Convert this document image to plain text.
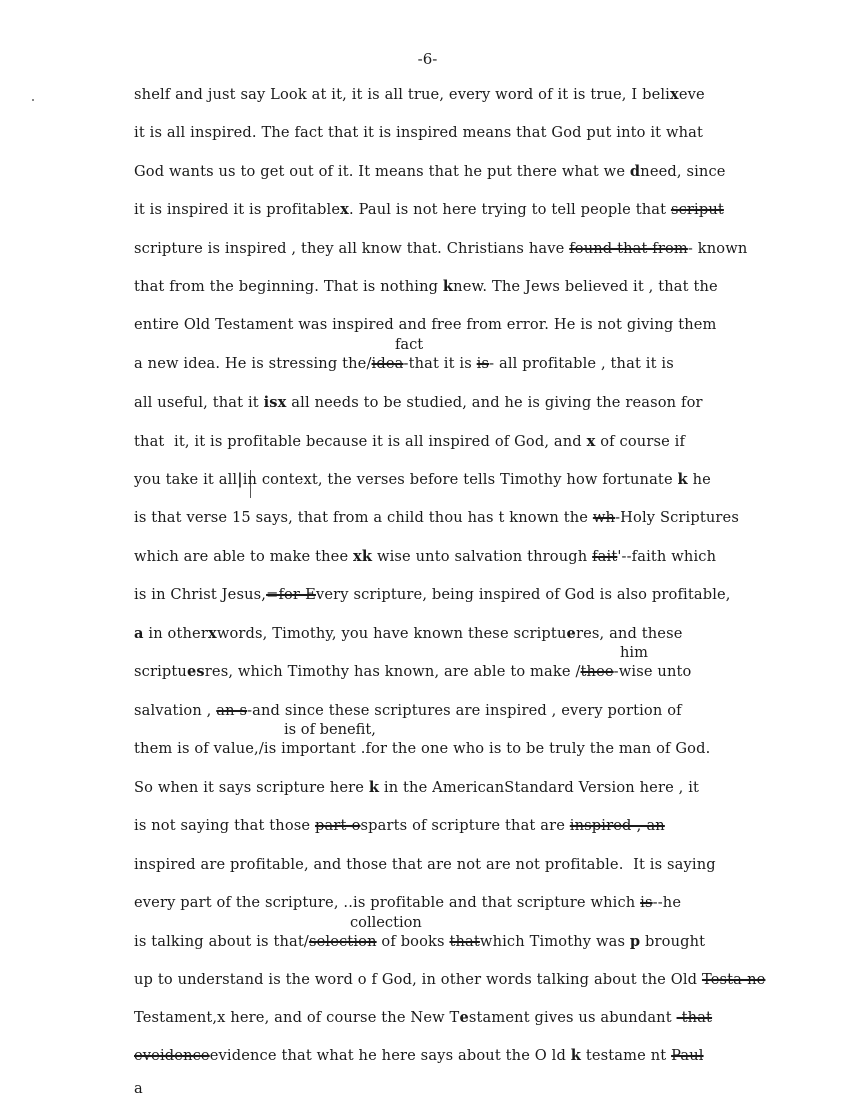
-6-
shelf and just say Look at it, it is all true, every word of it is true, I belixeve
it is all inspired. The fact that it is inspired means that God put into it what
God wants us to get out of it. It means that he put there what we dneed, since
it is inspired it is profitablex. Paul is not here trying to tell people that scriput
scripture is inspired , they all know that. Christians have found that from- known
that from the beginning. That is nothing knew. The Jews believed it , that the
entire Old Testament was inspired and free from error. He is not giving them
a new idea. He is stressing the/idea-that it is is- all profitable , that it is
fact
all useful, that it isx all needs to be studied, and he is giving the reason for
that  it, it is profitable because it is all inspired of God, and x of course if
you take it all|in context, the verses before tells Timothy how fortunate k he
is that verse 15 says, that from a child thou has t known the wh-Holy Scriptures
which are able to make thee xk wise unto salvation through fait'--faith which
is in Christ Jesus,=for-Every scripture, being inspired of God is also profitable,
a in otherxwords, Timothy, you have known these scriptueres, and these
scriptuesres, which Timothy has known, are able to make /thee-wise unto
him
salvation , an s-and since these scriptures are inspired , every portion of
them is of value,/is important .for the one who is to be truly the man of God.
is of benefit,
So when it says scripture here k in the AmericanStandard Version here , it
is not saying that those part-osparts of scripture that are inspired-,-an
inspired are profitable, and those that are not are not profitable.  It is saying
every part of the scripture, ..is profitable and that scripture which is--he
is talking about is that/selection of books thatwhich Timothy was p brought
collection
up to understand is the word o f God, in other words talking about the Old Testa-ne
Testament,x here, and of course the New Testament gives us abundant -that
eveidenceevidence that what he here says about the O ld k testame nt Paul
a
